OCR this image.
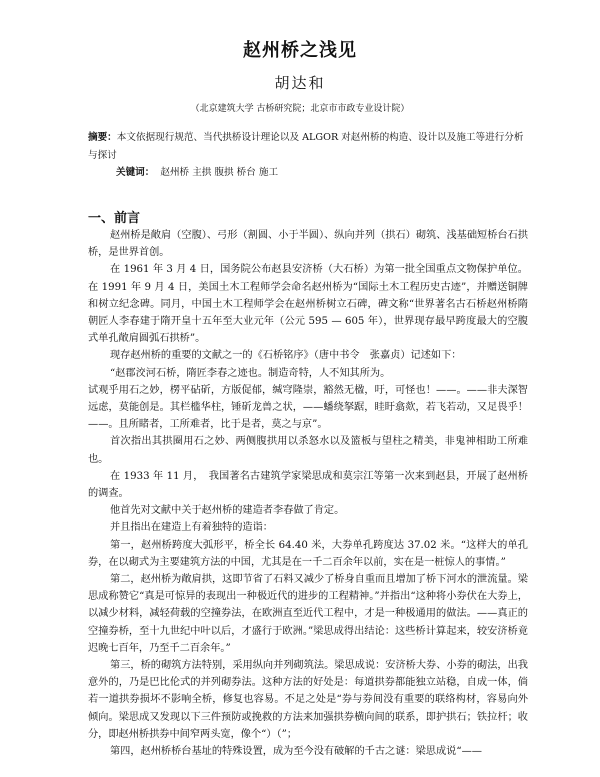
赵州桥之浅见
胡达和
（北京建筑大学 古桥研究院；北京市市政专业设计院）
摘要：本文依据现行规范、当代拱桥设计理论以及 ALGOR 对赵州桥的构造、设计以及施工等进行分析与探讨
关键词： 赵州桥 主拱 腹拱 桥台 施工
一、前言

赵州桥是敞肩（空腹）、弓形（割圆、小于半圆）、纵向并列（拱石）砌筑、浅基础短桥台石拱桥，是世界首创。

在 1961 年 3 月 4 日，国务院公布赵县安济桥（大石桥）为第一批全国重点文物保护单位。在 1991 年 9 月 4 日，美国土木工程师学会命名赵州桥为“国际土木工程历史古迹”，并赠送铜牌和树立纪念碑。同月，中国土木工程师学会在赵州桥树立石碑，碑文称“世界著名古石桥赵州桥隋朝匠人李春建于隋开皇十五年至大业元年（公元 595 — 605 年），世界现存最早跨度最大的空腹式单孔敞肩圆弧石拱桥”。

现存赵州桥的重要的文献之一的《石桥铭序》（唐中书令　张嘉贞）记述如下：

“赵郡洨河石桥，隋匠李春之迹也。制造奇特，人不知其所为。

试观乎用石之妙，楞平砧斫，方版促郁，缄穹隆崇，豁然无楹，吁，可怪也！——。——非夫深智远虑，莫能创是。其栏槛华柱，锤斫龙兽之状，——蟠绕拏踞，眭盱翕欻，若飞若动，又足畏乎！——。且所睹者，工所难者，比于是者，莫之与京”。

首次指出其拱圈用石之妙、两侧腹拱用以杀怒水以及篮板与望柱之精美，非鬼神相助工所难也。

在 1933 年 11 月，　我国著名古建筑学家梁思成和莫宗江等第一次来到赵县，开展了赵州桥的调查。

他首先对文献中关于赵州桥的建造者李春做了肯定。

并且指出在建造上有着独特的造诣：

第一，赵州桥跨度大弧形平，桥全长 64.40 米，大券单孔跨度达 37.02 米。“这样大的单孔券，在以砌式为主要建筑方法的中国，尤其是在一千二百余年以前，实在是一桩惊人的事情。”

第二，赵州桥为敞肩拱，这即节省了石料又减少了桥身自重而且增加了桥下河水的泄流量。梁思成称赞它“真是可惊异的表现出一种极近代的进步的工程精神。”并指出“这种将小券伏在大券上，以减少材料，减轻荷载的空撞券法，在欧洲直至近代工程中，才是一种极通用的做法。——真正的空撞券桥，至十九世纪中叶以后，才盛行于欧洲。”梁思成得出结论：这些桥计算起来，较安济桥竟迟晚七百年，乃至千二百余年。”

第三，桥的砌筑方法特别，采用纵向并列砌筑法。梁思成说：安济桥大券、小券的砌法，出我意外的，乃是巴比伦式的并列砌券法。这种方法的好处是：每道拱券都能独立站稳，自成一体，倘若一道拱券损坏不影响全桥，修复也容易。不足之处是“券与券间没有重要的联络构材，容易向外倾向。梁思成又发现以下三件预防或挽救的方法来加强拱券横向间的联系，即护拱石；铁拉杆；收分，即赵州桥拱券中间窄两头宽，像个“）（”；

第四，赵州桥桥台基址的特殊设置，成为至今没有破解的千古之谜：梁思成说“——
